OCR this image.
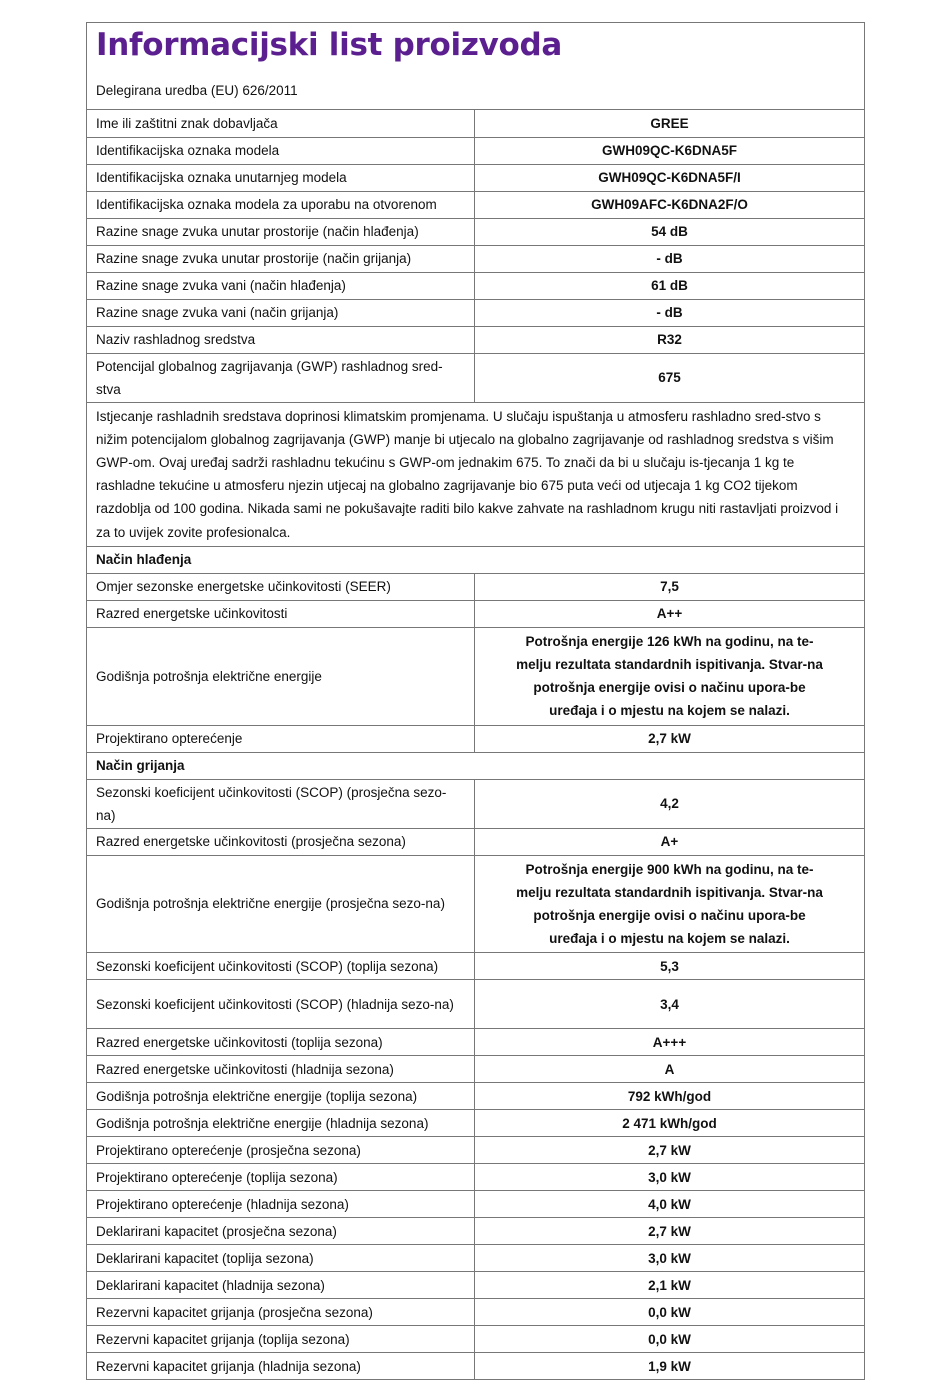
Informacijski list proizvoda
Delegirana uredba (EU) 626/2011
Ime ili zaštitni znak dobavljača	GREE
Identifikacijska oznaka modela	GWH09QC-K6DNA5F
Identifikacijska oznaka unutarnjeg modela	GWH09QC-K6DNA5F/I
Identifikacijska oznaka modela za uporabu na otvorenom	GWH09AFC-K6DNA2F/O
Razine snage zvuka unutar prostorije (način hlađenja)	54 dB
Razine snage zvuka unutar prostorije (način grijanja)	- dB
Razine snage zvuka vani (način hlađenja)	61 dB
Razine snage zvuka vani (način grijanja)	- dB
Naziv rashladnog sredstva	R32
Potencijal globalnog zagrijavanja (GWP) rashladnog sred-stva	675
Istjecanje rashladnih sredstava doprinosi klimatskim promjenama. U slučaju ispuštanja u atmosferu rashladno sred-stvo s nižim potencijalom globalnog zagrijavanja (GWP) manje bi utjecalo na globalno zagrijavanje od rashladnog sredstva s višim GWP-om. Ovaj uređaj sadrži rashladnu tekućinu s GWP-om jednakim 675. To znači da bi u slučaju is-tjecanja 1 kg te rashladne tekućine u atmosferu njezin utjecaj na globalno zagrijavanje bio 675 puta veći od utjecaja 1 kg CO2 tijekom razdoblja od 100 godina. Nikada sami ne pokušavajte raditi bilo kakve zahvate na rashladnom krugu niti rastavljati proizvod i za to uvijek zovite profesionalca.	
Način hlađenja	
Omjer sezonske energetske učinkovitosti (SEER)	7,5
Razred energetske učinkovitosti	A++
Godišnja potrošnja električne energije	Potrošnja energije 126 kWh na godinu, na te-melju rezultata standardnih ispitivanja. Stvar-na potrošnja energije ovisi o načinu upora-be uređaja i o mjestu na kojem se nalazi.
Projektirano opterećenje	2,7 kW
Način grijanja	
Sezonski koeficijent učinkovitosti (SCOP) (prosječna sezo-na)	4,2
Razred energetske učinkovitosti (prosječna sezona)	A+
Godišnja potrošnja električne energije (prosječna sezo-na)	Potrošnja energije 900 kWh na godinu, na te-melju rezultata standardnih ispitivanja. Stvar-na potrošnja energije ovisi o načinu upora-be uređaja i o mjestu na kojem se nalazi.
Sezonski koeficijent učinkovitosti (SCOP) (toplija sezona)	5,3
Sezonski koeficijent učinkovitosti (SCOP) (hladnija sezo-na)	3,4
Razred energetske učinkovitosti (toplija sezona)	A+++
Razred energetske učinkovitosti (hladnija sezona)	A
Godišnja potrošnja električne energije (toplija sezona)	792 kWh/god
Godišnja potrošnja električne energije (hladnija sezona)	2 471 kWh/god
Projektirano opterećenje (prosječna sezona)	2,7 kW
Projektirano opterećenje (toplija sezona)	3,0 kW
Projektirano opterećenje (hladnija sezona)	4,0 kW
Deklarirani kapacitet (prosječna sezona)	2,7 kW
Deklarirani kapacitet (toplija sezona)	3,0 kW
Deklarirani kapacitet (hladnija sezona)	2,1 kW
Rezervni kapacitet grijanja (prosječna sezona)	0,0 kW
Rezervni kapacitet grijanja (toplija sezona)	0,0 kW
Rezervni kapacitet grijanja (hladnija sezona)	1,9 kW
